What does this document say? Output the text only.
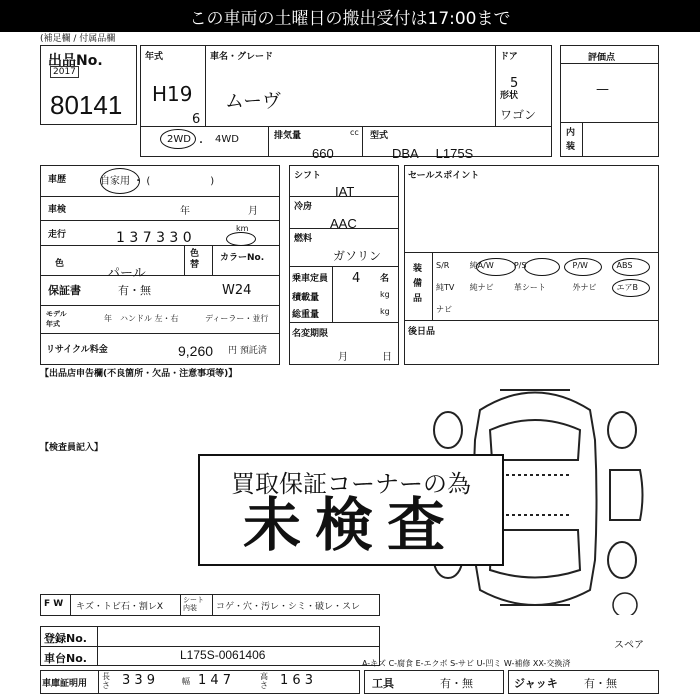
この車両の土曜日の搬出受付は17:00まで
(補足欄 / 付属品欄
出品No.
2017
80141
年式
H19
6
車名・グレード
ムーヴ
ドア
5
形状
ワゴン
2WD ・ 4WD	排気量	cc
660
型式
DBA L175S
評価点
—
内装
車歴	自家用 ・ (　　　　　　)
車検	年	月
走行	1 3 7 3 3 0
km
色
パール
色替
カラーNo.
保証書	有・無	W24
モデル
年式
年 ハンドル 左・右	ディーラー・並行
リサイクル料金	9,260 円 預託済
シフト
IAT
冷房
AAC
燃料
ガソリン
乗車定員 4 名
積載量	kg
総重量	kg
名変期限
月	日
セールスポイント
装備品
S/R	純A/W	P/S	P/W	ABS
純TV	純ナビ	革シート	外ナビ	エアB
ナビ				
後日品
【出品店申告欄(不良箇所・欠品・注意事項等)】
【検査員記入】
買取保証コーナーの為
未検査
F W キズ・トビ石・割レX
シート内装	コゲ・穴・汚レ・シミ・破レ・スレ
登録No.
車台No.	L175S-0061406
スペア
A-キズ C-腐食 E-エクボ S-サビ U-凹ミ W-補修 XX-交換済
車庫証明用
長さ 3 3 9	幅 1 4 7	高さ 1 6 3	工具	有・無	ジャッキ 有・無
